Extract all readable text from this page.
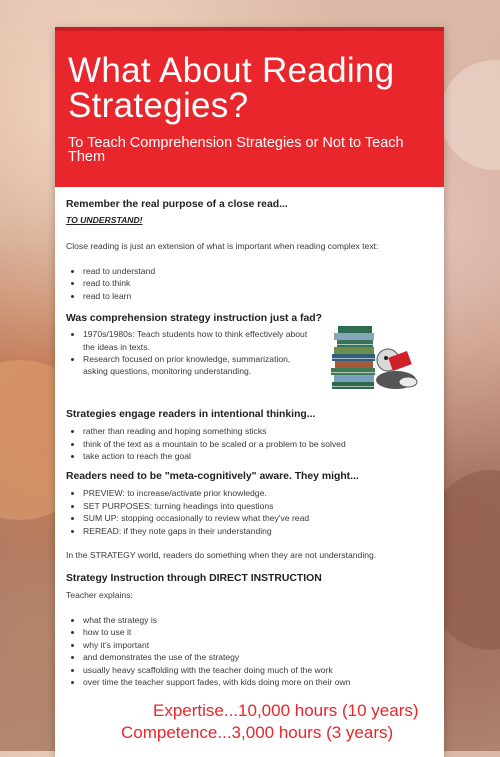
What About Reading Strategies?
To Teach Comprehension Strategies or Not to Teach Them
Remember the real purpose of a close read...

TO UNDERSTAND!

Close reading is just an extension of what is important when reading complex text:

• read to understand
• read to think
• read to learn
Was comprehension strategy instruction just a fad?
• 1970s/1980s: Teach students how to think effectively about the ideas in texts.
• Research focused on prior knowledge, summarization, asking questions, monitoring understanding.
Strategies engage readers in intentional thinking...
• rather than reading and hoping something sticks
• think of the text as a mountain to be scaled or a problem to be solved
• take action to reach the goal
Readers need to be "meta-cognitively" aware. They might...
• PREVIEW: to increase/activate prior knowledge.
• SET PURPOSES: turning headings into questions
• SUM UP: stopping occasionally to review what they've read
• REREAD: if they note gaps in their understanding

In the STRATEGY world, readers do something when they are not understanding.

Strategy Instruction through DIRECT INSTRUCTION

Teacher explains:

• what the strategy is
• how to use it
• why it's important
• and demonstrates the use of the strategy
• usually heavy scaffolding with the teacher doing much of the work
• over time the teacher support fades, with kids doing more on their own

Expertise...10,000 hours (10 years)

Competence...3,000 hours (3 years)
